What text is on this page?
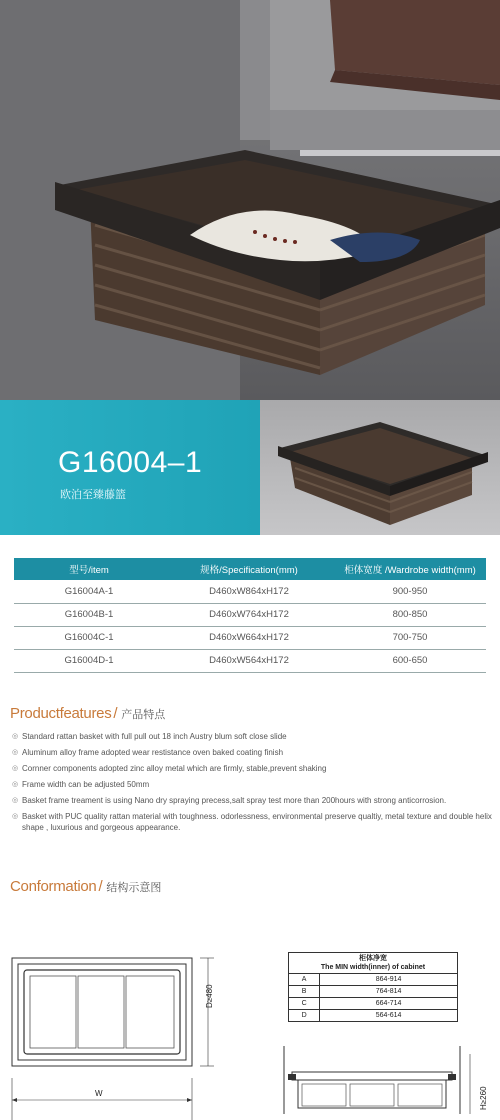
G16004–1
欧泊至臻藤篮
型号/item	规格/Specification(mm)	柜体宽度 /Wardrobe width(mm)
G16004A-1	D460xW864xH172	900-950
G16004B-1	D460xW764xH172	800-850
G16004C-1	D460xW664xH172	700-750
G16004D-1	D460xW564xH172	600-650
Productfeatures / 产品特点
◎ Standard rattan basket with full pull out 18 inch Austry blum soft close slide
◎ Aluminum alloy frame adopted wear restistance oven baked coating finish
◎ Cornner components adopted zinc alloy metal which are firmly, stable,prevent shaking
◎ Frame width can be adjusted 50mm
◎ Basket frame treament is using Nano dry spraying precess,salt spray test more than 200hours with strong anticorrosion.
◎ Basket with PUC quality rattan material with toughness. odorlessness, environmental preserve qualtiy, metal texture and double helix shape , luxurious and gorgeous appearance.
Conformation / 结构示意图
D≥480
W
柜体净宽
The MIN width(inner) of cabinet	
A	864-914
B	764-814
C	664-714
D	564-614
H≥260
